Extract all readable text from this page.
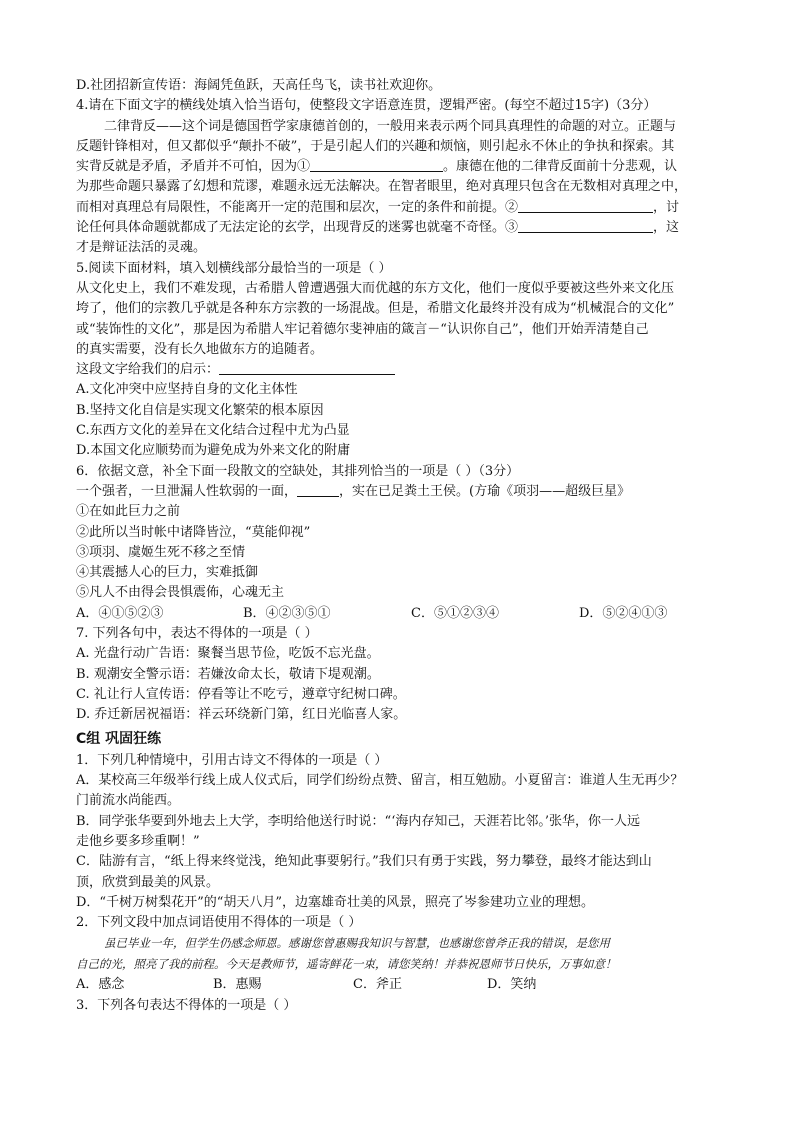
D.社团招新宣传语：海阔凭鱼跃，天高任鸟飞，读书社欢迎你。

4.请在下面文字的横线处填入恰当语句，使整段文字语意连贯，逻辑严密。(每空不超过15字)（3分）

二律背反——这个词是德国哲学家康德首创的，一般用来表示两个同具真理性的命题的对立。正题与

反题针锋相对，但又都似乎“颠扑不破”，于是引起人们的兴趣和烦恼，则引起永不休止的争执和探索。其

实背反就是矛盾，矛盾并不可怕，因为①	。康德在他的二律背反面前十分悲观，认

为那些命题只暴露了幻想和荒谬，难题永远无法解决。在智者眼里，绝对真理只包含在无数相对真理之中，

而相对真理总有局限性，不能离开一定的范围和层次，一定的条件和前提。②	，讨

论任何具体命题就都成了无法定论的玄学，出现背反的迷雾也就毫不奇怪。③	，这

才是辩证法活的灵魂。

5.阅读下面材料，填入划横线部分最恰当的一项是（ ）

从文化史上，我们不难发现，古希腊人曾遭遇强大而优越的东方文化，他们一度似乎要被这些外来文化压

垮了，他们的宗教几乎就是各种东方宗教的一场混战。但是，希腊文化最终并没有成为“机械混合的文化”

或“装饰性的文化”，那是因为希腊人牢记着德尔斐神庙的箴言－“认识你自己”，他们开始弄清楚自己

的真实需要，没有长久地做东方的追随者。

这段文字给我们的启示：

A.文化冲突中应坚持自身的文化主体性

B.坚持文化自信是实现文化繁荣的根本原因

C.东西方文化的差异在文化结合过程中尤为凸显

D.本国文化应顺势而为避免成为外来文化的附庸

6．依据文意，补全下面一段散文的空缺处，其排列恰当的一项是（ ）（3分）

一个强者，一旦泄漏人性软弱的一面，	，实在已足粪土王侯。(方瑜《项羽——超级巨星》

①在如此巨力之前

②此所以当时帐中诸降皆泣，“莫能仰视”

③项羽、虞姬生死不移之至情

④其震撼人心的巨力，实难抵御

⑤凡人不由得会畏惧震佈，心魂无主

A．④①⑤②③	B．④②③⑤①	C．⑤①②③④	D．⑤②④①③

7. 下列各句中，表达不得体的一项是（ ）

A. 光盘行动广告语：聚餐当思节俭，吃饭不忘光盘。

B. 观潮安全警示语：若嫌汝命太长，敬请下堤观潮。

C. 礼让行人宣传语：停看等让不吃亏，遵章守纪树口碑。

D. 乔迁新居祝福语：祥云环绕新门第，红日光临喜人家。

C组 巩固狂练

1．下列几种情境中，引用古诗文不得体的一项是（ ）

A．某校高三年级举行线上成人仪式后，同学们纷纷点赞、留言，相互勉励。小夏留言：谁道人生无再少？

门前流水尚能西。

B．同学张华要到外地去上大学，李明给他送行时说：“‘海内存知己，天涯若比邻。’张华，你一人远

走他乡要多珍重啊！”

C．陆游有言，“纸上得来终觉浅，绝知此事要躬行。”我们只有勇于实践，努力攀登，最终才能达到山

顶，欣赏到最美的风景。

D．“千树万树梨花开”的“胡天八月”，边塞雄奇壮美的风景，照亮了岑参建功立业的理想。

2．下列文段中加点词语使用不得体的一项是（ ）

虽已毕业一年，但学生仍感念师恩。感谢您曾惠赐我知识与智慧，也感谢您曾斧正我的错误，是您用

自己的光，照亮了我的前程。今天是教师节，遥寄鲜花一束，请您笑纳！并恭祝恩师节日快乐，万事如意！

A．感念	B．惠赐	C．斧正	D．笑纳

3．下列各句表达不得体的一项是（ ）
